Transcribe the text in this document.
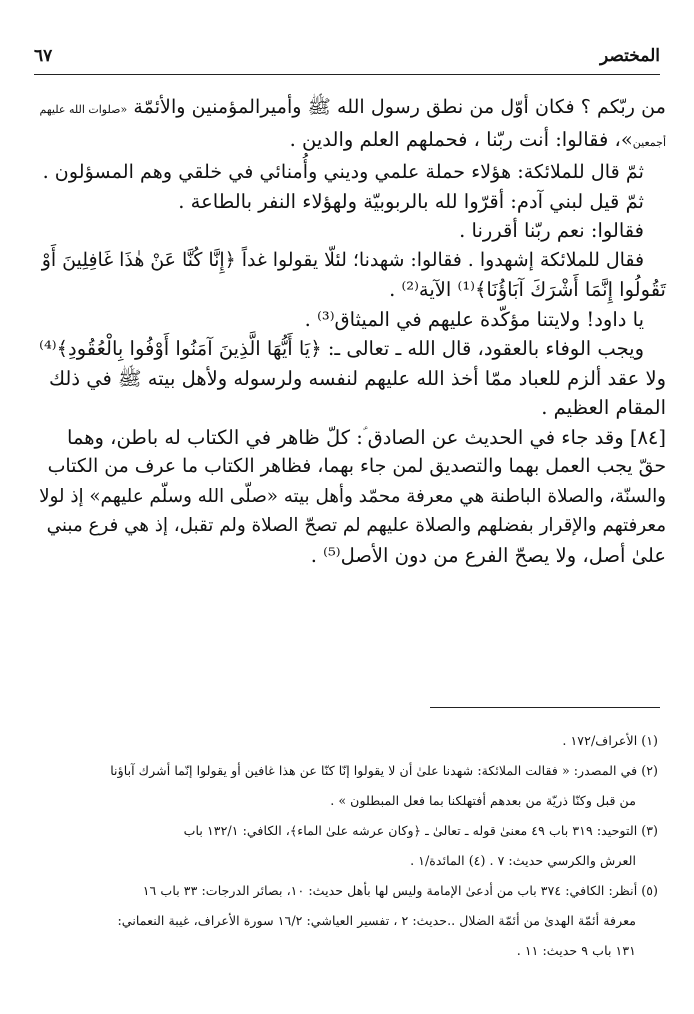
المختصر
٦٧
من ربّكم ؟ فكان أوّل من نطق رسول الله ﷺ وأميرالمؤمنين والأئمّة «صلوات الله عليهم
أجمعين»، فقالوا: أنت ربّنا ، فحملهم العلم والدين .
ثمّ قال للملائكة: هؤلاء حملة علمي وديني وأُمنائي في خلقي وهم المسؤلون .
ثمّ قيل لبني آدم: أقرّوا لله بالربوبيّة ولهؤلاء النفر بالطاعة .
فقالوا: نعم ربّنا أقررنا .
فقال للملائكة إشهدوا . فقالوا: شهدنا؛ لئلّا يقولوا غداً ﴿إِنَّا كُنَّا عَنْ هٰذَا غَافِلِينَ أَوْ
تَقُولُوا إِنَّمَا أَشْرَكَ آبَاؤُنَا﴾⁽¹⁾ الآية⁽²⁾ .
يا داود! ولايتنا مؤكّدة عليهم في الميثاق⁽³⁾ .
ويجب الوفاء بالعقود، قال الله ـ تعالى ـ: ﴿يَا أَيُّهَا الَّذِينَ آمَنُوا أَوْفُوا بِالْعُقُودِ﴾⁽⁴⁾
ولا عقد ألزم للعباد ممّا أخذ الله عليهم لنفسه ولرسوله ولأهل بيته ﷺ في ذلك
المقام العظيم .
[٨٤] وقد جاء في الحديث عن الصادق ؑ: كلّ ظاهر في الكتاب له باطن، وهما
حقّ يجب العمل بهما والتصديق لمن جاء بهما، فظاهر الكتاب ما عرف من الكتاب
والسنّة، والصلاة الباطنة هي معرفة محمّد وأهل بيته «صلّى الله وسلّم عليهم» إذ لولا
معرفتهم والإقرار بفضلهم والصلاة عليهم لم تصحّ الصلاة ولم تقبل، إذ هي فرع مبني
علىٰ أصل، ولا يصحّ الفرع من دون الأصل⁽⁵⁾ .
(١) الأعراف/١٧٢ .
(٢) في المصدر: « فقالت الملائكة: شهدنا علىٰ أن لا يقولوا إنّا كنّا عن هذا غافين أو يقولوا إنّما أشرك آباؤنا
من قبل وكنّا ذريّة من بعدهم أفتهلكنا بما فعل المبطلون » .
(٣) التوحيد: ٣١٩ باب ٤٩ معنىٰ قوله ـ تعالىٰ ـ ﴿وكان عرشه علىٰ الماء﴾، الكافي: ١٣٢/١ باب
العرش والكرسي حديث: ٧ . (٤) المائدة/١ .
(٥) أنظر: الكافي: ٣٧٤ باب من أدعىٰ الإمامة وليس لها بأهل حديث: ١٠، بصائر الدرجات: ٣٣ باب ١٦
معرفة أئمّة الهدىٰ من أئمّة الضلال ..حديث: ٢ ، تفسير العياشي: ١٦/٢ سورة الأعراف، غيبة النعماني:
١٣١ باب ٩ حديث: ١١ .
